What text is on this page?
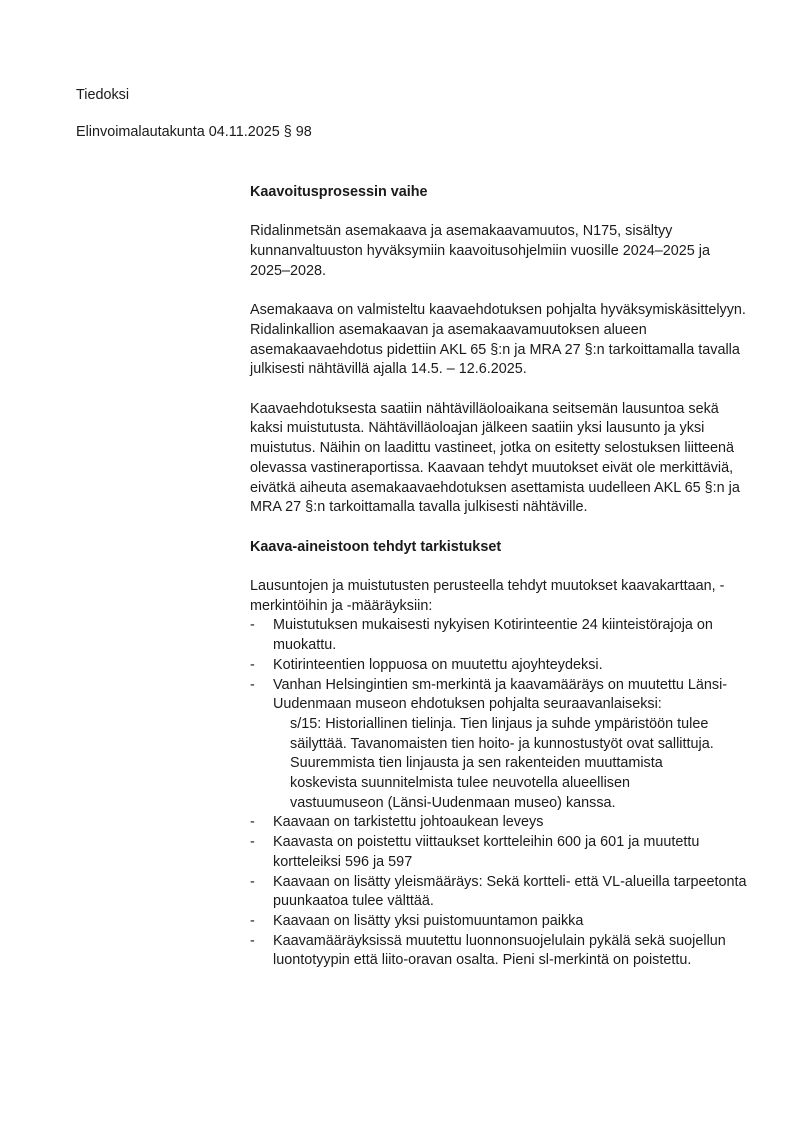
Tiedoksi
Elinvoimalautakunta 04.11.2025 § 98
Kaavoitusprosessin vaihe
Ridalinmetsän asemakaava ja asemakaavamuutos, N175, sisältyy kunnanvaltuuston hyväksymiin kaavoitusohjelmiin vuosille 2024–2025 ja 2025–2028.
Asemakaava on valmisteltu kaavaehdotuksen pohjalta hyväksymiskäsittelyyn. Ridalinkallion asemakaavan ja asemakaavamuutoksen alueen asemakaavaehdotus pidettiin AKL 65 §:n ja MRA 27 §:n tarkoittamalla tavalla julkisesti nähtävillä ajalla 14.5. – 12.6.2025.
Kaavaehdotuksesta saatiin nähtävilläoloaikana seitsemän lausuntoa sekä kaksi muistutusta. Nähtävilläoloajan jälkeen saatiin yksi lausunto ja yksi muistutus. Näihin on laadittu vastineet, jotka on esitetty selostuksen liitteenä olevassa vastineraportissa. Kaavaan tehdyt muutokset eivät ole merkittäviä, eivätkä aiheuta asemakaavaehdotuksen asettamista uudelleen AKL 65 §:n ja MRA 27 §:n tarkoittamalla tavalla julkisesti nähtäville.
Kaava-aineistoon tehdyt tarkistukset
Lausuntojen ja muistutusten perusteella tehdyt muutokset kaavakarttaan, -merkintöihin ja -määräyksiin:
-	Muistutuksen mukaisesti nykyisen Kotirinteentie 24 kiinteistörajoja on muokattu.
-	Kotirinteentien loppuosa on muutettu ajoyhteydeksi.
-	Vanhan Helsingintien sm-merkintä ja kaavamääräys on muutettu Länsi-Uudenmaan museon ehdotuksen pohjalta seuraavanlaiseksi:
s/15: Historiallinen tielinja. Tien linjaus ja suhde ympäristöön tulee säilyttää. Tavanomaisten tien hoito- ja kunnostustyöt ovat sallittuja. Suuremmista tien linjausta ja sen rakenteiden muuttamista koskevista suunnitelmista tulee neuvotella alueellisen vastuumuseon (Länsi-Uudenmaan museo) kanssa.
-	Kaavaan on tarkistettu johtoaukean leveys
-	Kaavasta on poistettu viittaukset kortteleihin 600 ja 601 ja muutettu kortteleiksi 596 ja 597
-	Kaavaan on lisätty yleismääräys: Sekä kortteli- että VL-alueilla tarpeetonta puunkaatoa tulee välttää.
-	Kaavaan on lisätty yksi puistomuuntamon paikka
-	Kaavamääräyksissä muutettu luonnonsuojelulain pykälä sekä suojellun luontotyypin että liito-oravan osalta. Pieni sl-merkintä on poistettu.
